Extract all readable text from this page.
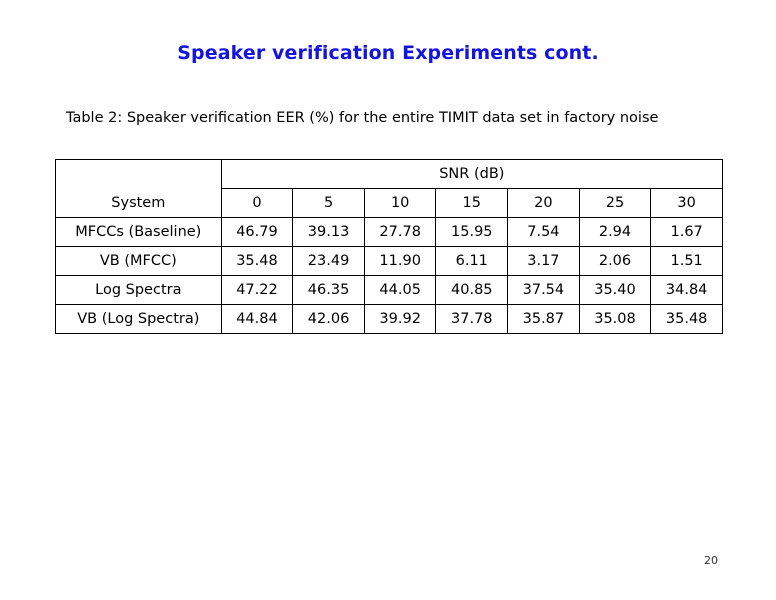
Speaker verification Experiments cont.
Table 2: Speaker verification EER (%) for the entire TIMIT data set in factory noise
	SNR (dB)						
System	0	5	10	15	20	25	30
MFCCs (Baseline)	46.79	39.13	27.78	15.95	7.54	2.94	1.67
VB (MFCC)	35.48	23.49	11.90	6.11	3.17	2.06	1.51
Log Spectra	47.22	46.35	44.05	40.85	37.54	35.40	34.84
VB (Log Spectra)	44.84	42.06	39.92	37.78	35.87	35.08	35.48
20
